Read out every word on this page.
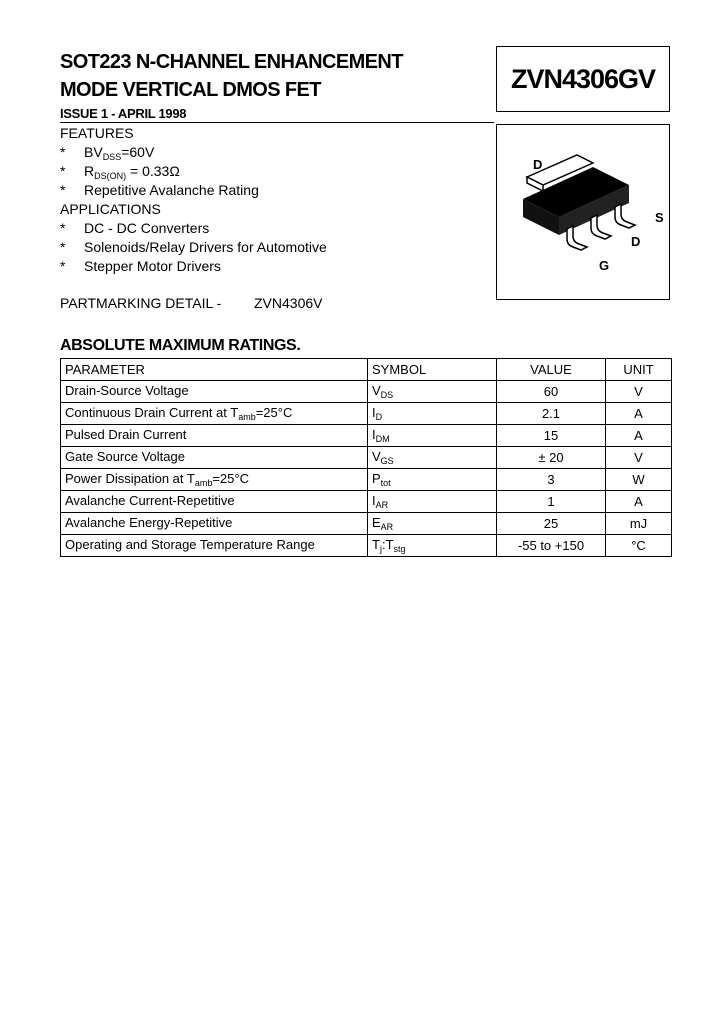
SOT223 N-CHANNEL ENHANCEMENT
MODE VERTICAL DMOS FET	ZVN4306GV
ISSUE 1 - APRIL 1998
D
S
D
G
FEATURES
* $BV_{DSS}=60V$
* $R_{DS(ON)} = 0.33\Omega$
* Repetitive Avalanche Rating
APPLICATIONS
* DC - DC Converters
* Solenoids/Relay Drivers for Automotive
* Stepper Motor Drivers
PARTMARKING DETAIL - ZVN4306V
ABSOLUTE MAXIMUM RATINGS.
PARAMETER	SYMBOL	VALUE	UNIT
Drain-Source Voltage	$V_{DS}$	60	V
Continuous Drain Current at $T_{amb}=25^\circ C$	$I_D$	2.1	A
Pulsed Drain Current	$I_{DM}$	15	A
Gate Source Voltage	$V_{GS}$	± 20	V
Power Dissipation at $T_{amb}=25^\circ C$	$P_{tot}$	3	W
Avalanche Current-Repetitive	$I_{AR}$	1	A
Avalanche Energy-Repetitive	$E_{AR}$	25	mJ
Operating and Storage Temperature Range	$T_j:T_{stg}$	-55 to +150	°C
